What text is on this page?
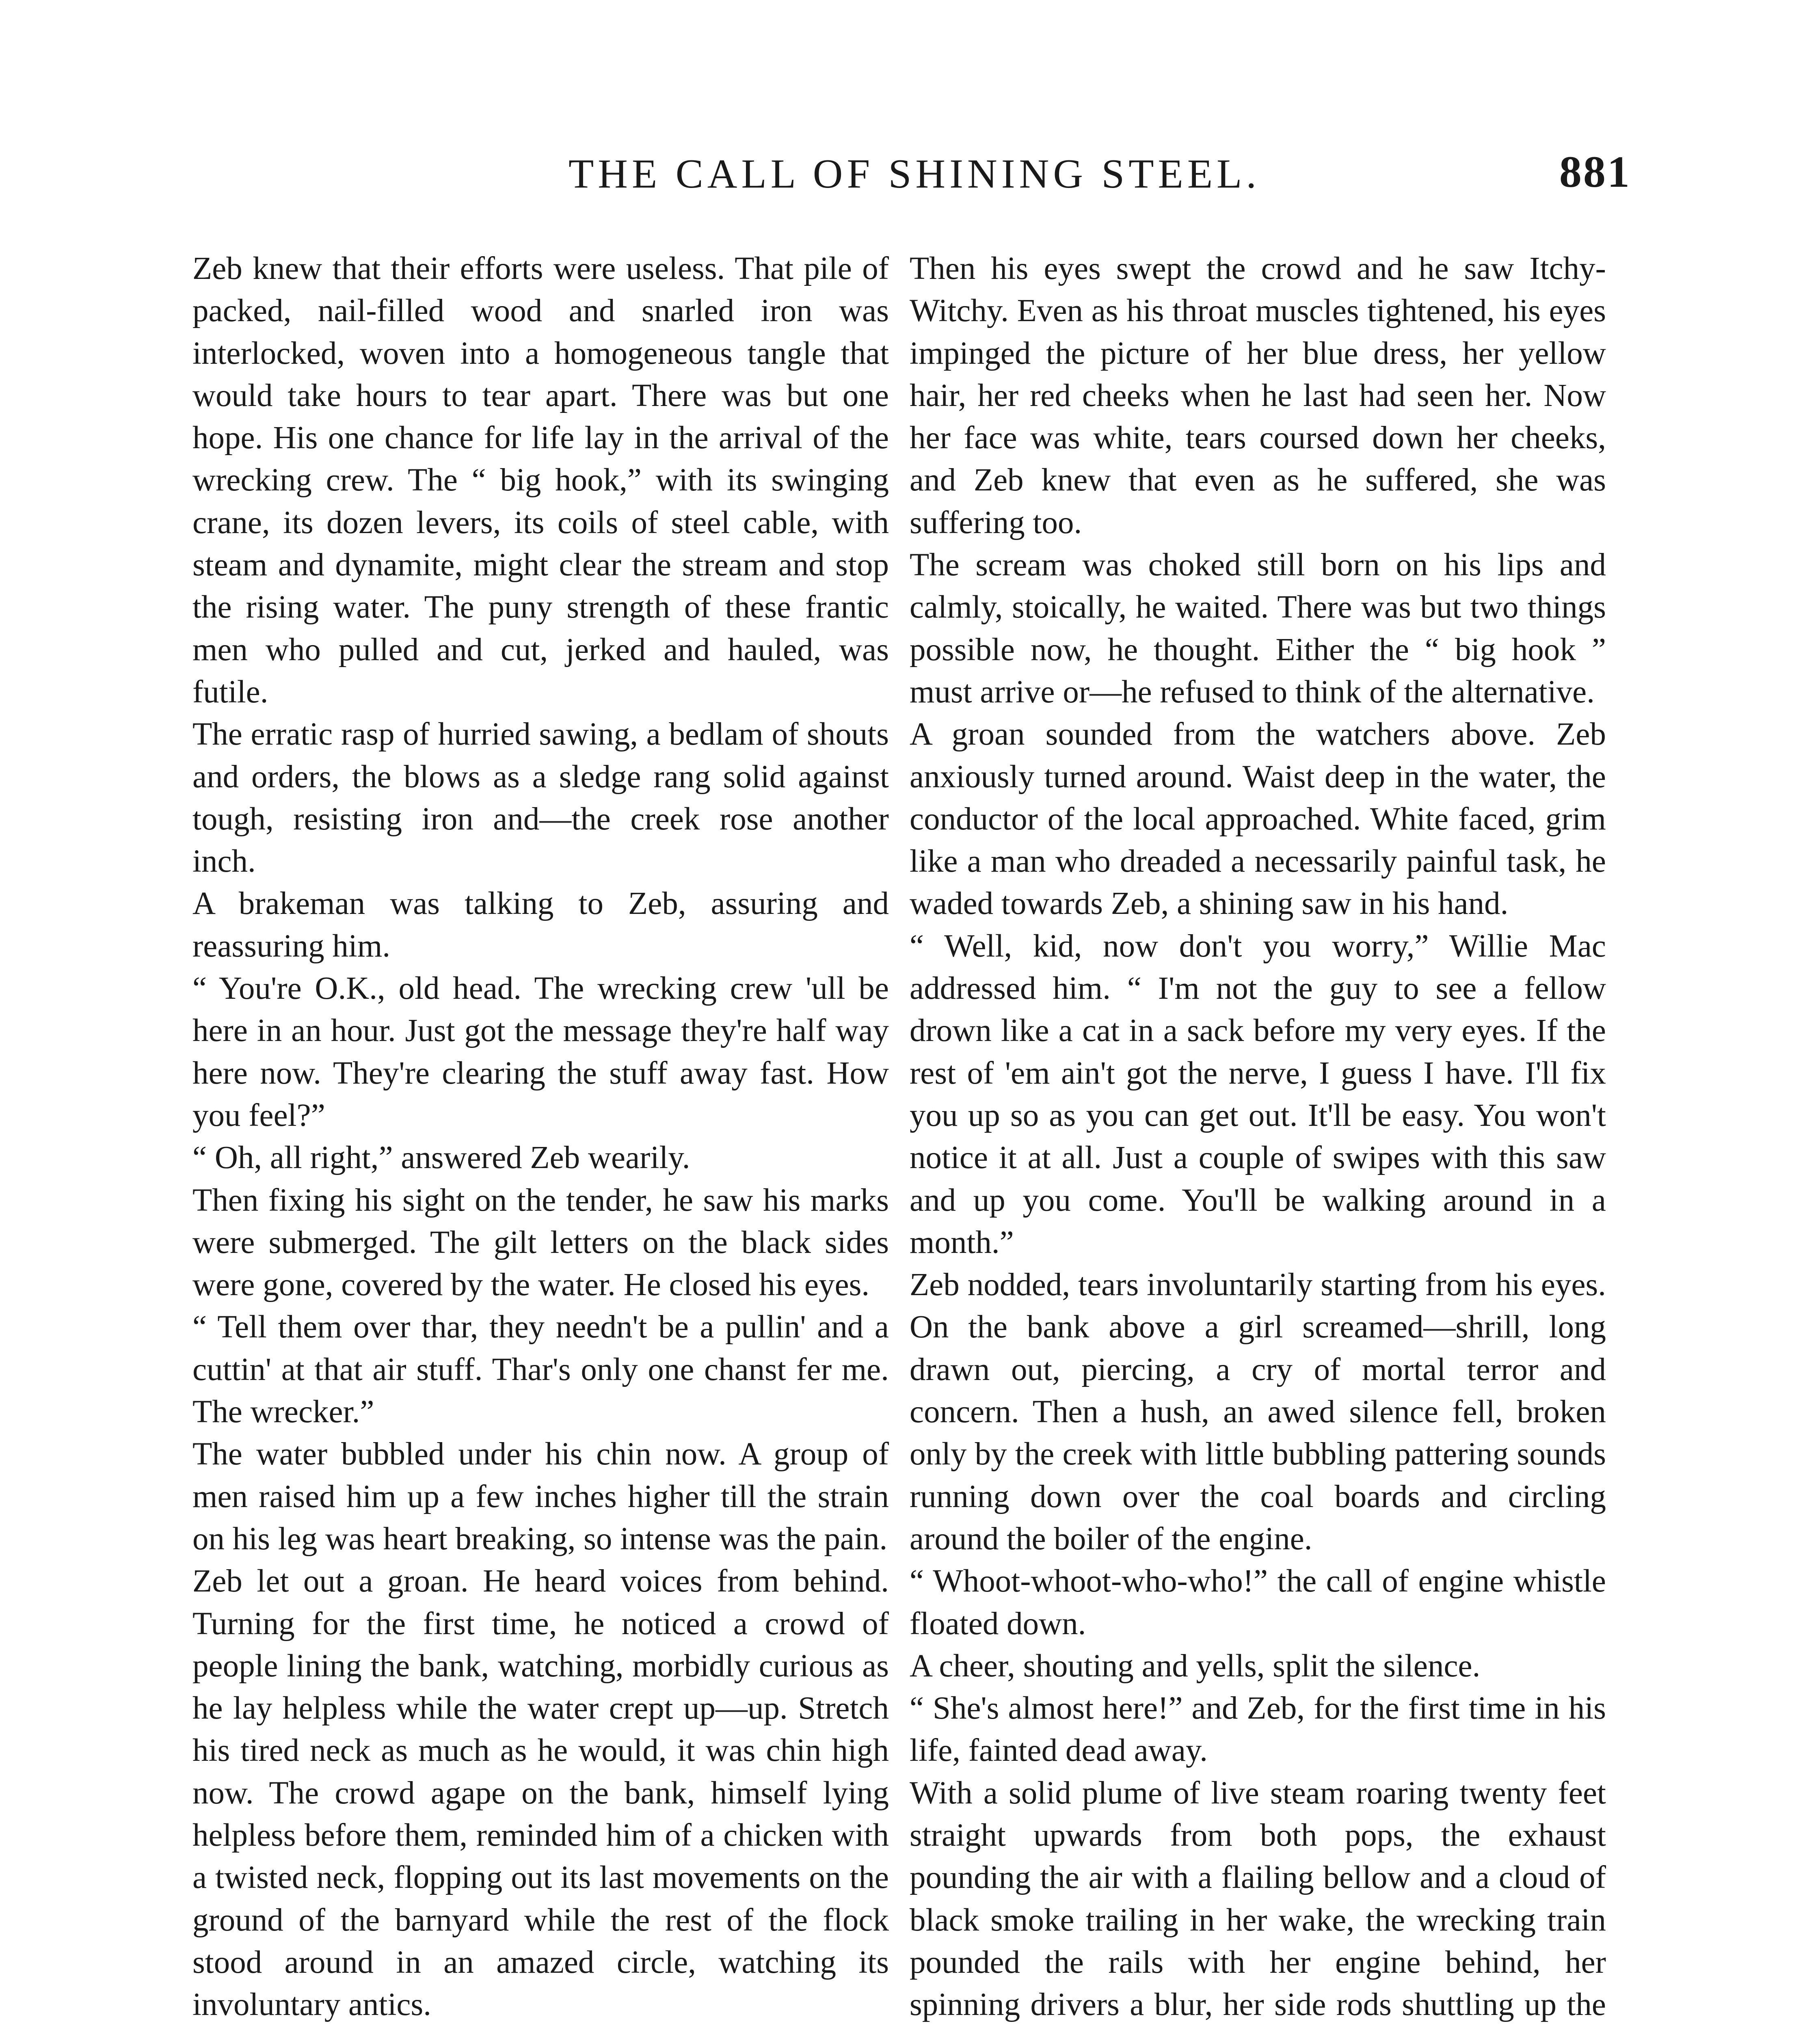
THE CALL OF SHINING STEEL.	881

Zeb knew that their efforts were useless. That pile of packed, nail-filled wood and snarled iron was interlocked, woven into a homogeneous tangle that would take hours to tear apart. There was but one hope. His one chance for life lay in the arrival of the wrecking crew. The “ big hook,” with its swinging crane, its dozen levers, its coils of steel cable, with steam and dynamite, might clear the stream and stop the rising water. The puny strength of these frantic men who pulled and cut, jerked and hauled, was futile.

The erratic rasp of hurried sawing, a bedlam of shouts and orders, the blows as a sledge rang solid against tough, resisting iron and—the creek rose another inch.

A brakeman was talking to Zeb, assuring and reassuring him.

“ You're O.K., old head. The wrecking crew 'ull be here in an hour. Just got the message they're half way here now. They're clearing the stuff away fast. How you feel?”

“ Oh, all right,” answered Zeb wearily.

Then fixing his sight on the tender, he saw his marks were submerged. The gilt letters on the black sides were gone, covered by the water. He closed his eyes.

“ Tell them over thar, they needn't be a pullin' and a cuttin' at that air stuff. Thar's only one chanst fer me. The wrecker.”

The water bubbled under his chin now. A group of men raised him up a few inches higher till the strain on his leg was heart breaking, so intense was the pain.

Zeb let out a groan. He heard voices from behind. Turning for the first time, he noticed a crowd of people lining the bank, watching, morbidly curious as he lay helpless while the water crept up—up. Stretch his tired neck as much as he would, it was chin high now. The crowd agape on the bank, himself lying helpless before them, reminded him of a chicken with a twisted neck, flopping out its last movements on the ground of the barnyard while the rest of the flock stood around in an amazed circle, watching its involuntary antics.

Then his eyes swept the crowd and he saw Itchy-Witchy. Even as his throat muscles tightened, his eyes impinged the picture of her blue dress, her yellow hair, her red cheeks when he last had seen her. Now her face was white, tears coursed down her cheeks, and Zeb knew that even as he suffered, she was suffering too.

The scream was choked still born on his lips and calmly, stoically, he waited. There was but two things possible now, he thought. Either the “ big hook ” must arrive or—he refused to think of the alternative.

A groan sounded from the watchers above. Zeb anxiously turned around. Waist deep in the water, the conductor of the local approached. White faced, grim like a man who dreaded a necessarily painful task, he waded towards Zeb, a shining saw in his hand.

“ Well, kid, now don't you worry,” Willie Mac addressed him. “ I'm not the guy to see a fellow drown like a cat in a sack before my very eyes. If the rest of 'em ain't got the nerve, I guess I have. I'll fix you up so as you can get out. It'll be easy. You won't notice it at all. Just a couple of swipes with this saw and up you come. You'll be walking around in a month.”

Zeb nodded, tears involuntarily starting from his eyes. On the bank above a girl screamed—shrill, long drawn out, piercing, a cry of mortal terror and concern. Then a hush, an awed silence fell, broken only by the creek with little bubbling pattering sounds running down over the coal boards and circling around the boiler of the engine.

“ Whoot-whoot-who-who!” the call of engine whistle floated down.

A cheer, shouting and yells, split the silence.

“ She's almost here!” and Zeb, for the first time in his life, fainted dead away.

With a solid plume of live steam roaring twenty feet straight upwards from both pops, the exhaust pounding the air with a flailing bellow and a cloud of black smoke trailing in her wake, the wrecking train pounded the rails with her engine behind, her spinning drivers a blur, her side rods shuttling up the
